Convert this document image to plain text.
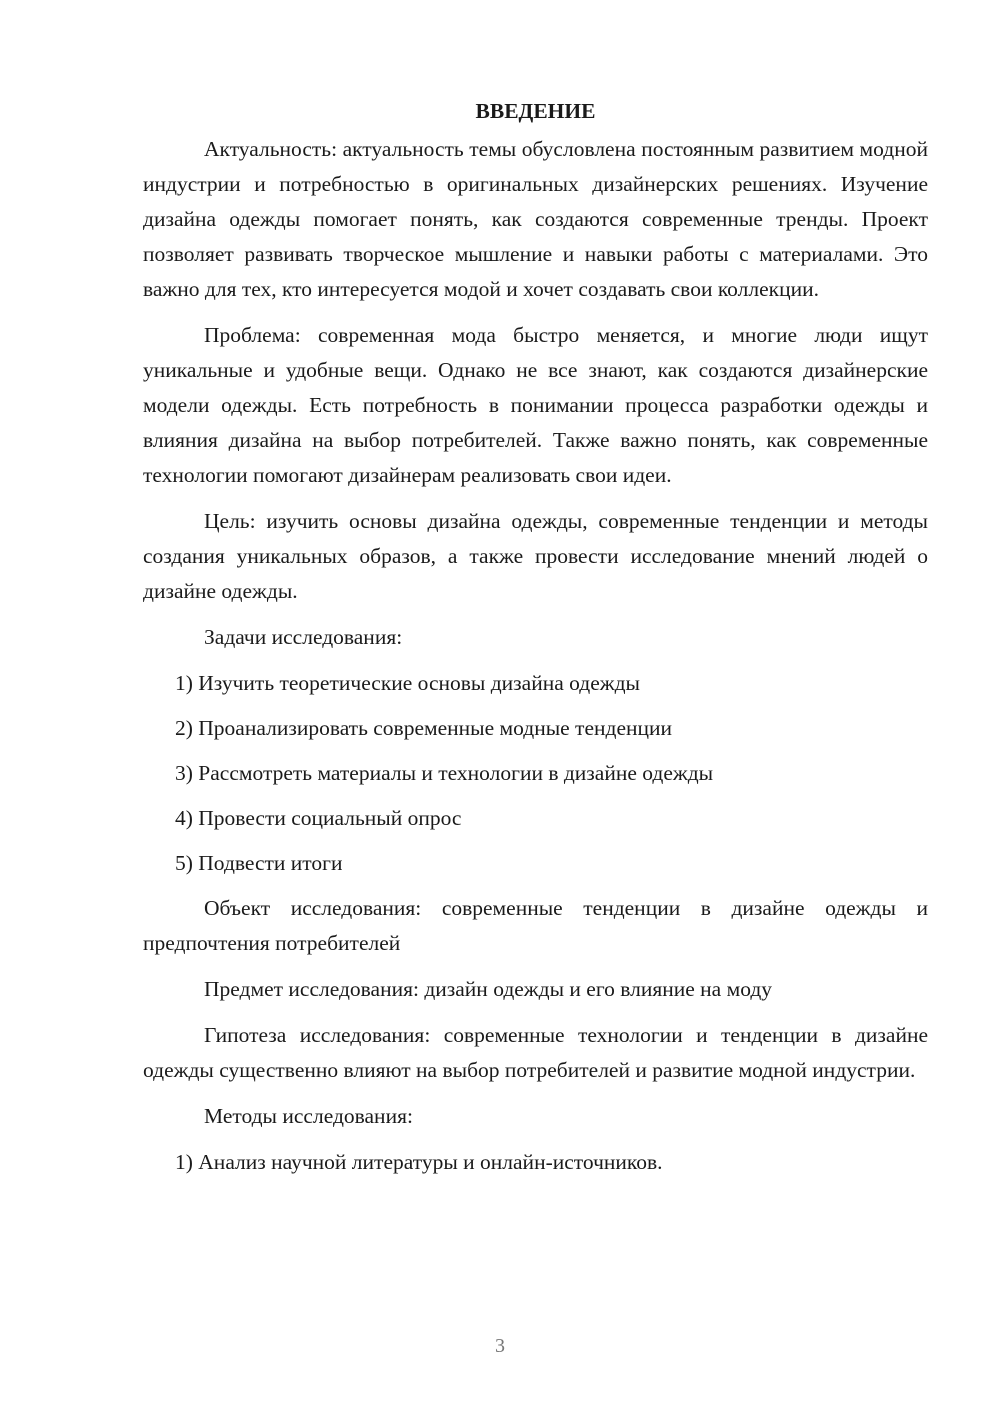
ВВЕДЕНИЕ
Актуальность: актуальность темы обусловлена постоянным развитием модной индустрии и потребностью в оригинальных дизайнерских решениях. Изучение дизайна одежды помогает понять, как создаются современные тренды. Проект позволяет развивать творческое мышление и навыки работы с материалами. Это важно для тех, кто интересуется модой и хочет создавать свои коллекции.
Проблема: современная мода быстро меняется, и многие люди ищут уникальные и удобные вещи. Однако не все знают, как создаются дизайнерские модели одежды. Есть потребность в понимании процесса разработки одежды и влияния дизайна на выбор потребителей. Также важно понять, как современные технологии помогают дизайнерам реализовать свои идеи.
Цель: изучить основы дизайна одежды, современные тенденции и методы создания уникальных образов, а также провести исследование мнений людей о дизайне одежды.
Задачи исследования:
1) Изучить теоретические основы дизайна одежды
2) Проанализировать современные модные тенденции
3) Рассмотреть материалы и технологии в дизайне одежды
4) Провести социальный опрос
5) Подвести итоги
Объект исследования: современные тенденции в дизайне одежды и предпочтения потребителей
Предмет исследования: дизайн одежды и его влияние на моду
Гипотеза исследования: современные технологии и тенденции в дизайне одежды существенно влияют на выбор потребителей и развитие модной индустрии.
Методы исследования:
1) Анализ научной литературы и онлайн-источников.
3
